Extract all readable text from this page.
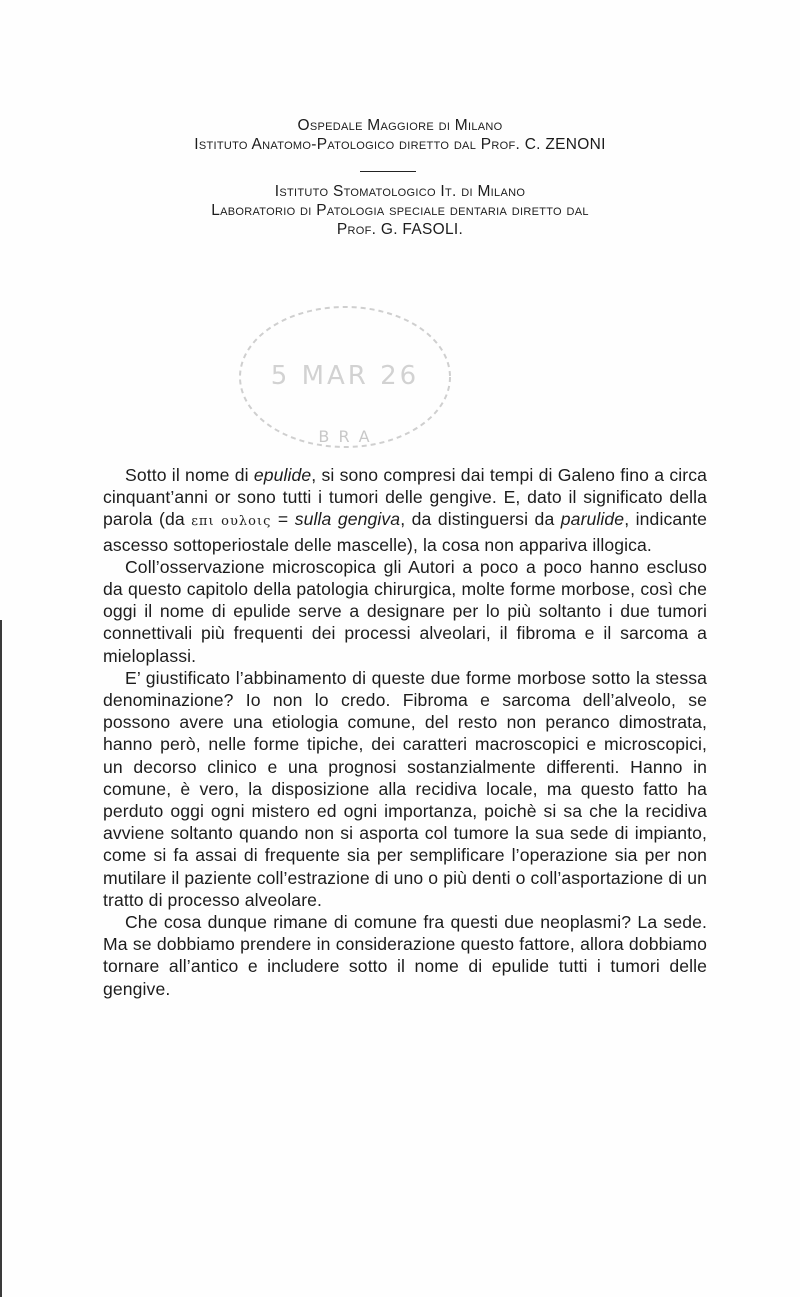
Ospedale Maggiore di Milano
Istituto Anatomo-Patologico diretto dal Prof. C. ZENONI
Istituto Stomatologico It. di Milano
Laboratorio di Patologia speciale dentaria diretto dal
Prof. G. FASOLI.
5 MAR 26
B R A

Sotto il nome di epulide, si sono compresi dai tempi di Galeno fino a circa cinquant’anni or sono tutti i tumori delle gengive. E, dato il significato della parola (da επι ουλοις = sulla gengiva, da distinguersi da parulide, indicante ascesso sottoperiostale delle mascelle), la cosa non appariva illogica.

Coll’osservazione microscopica gli Autori a poco a poco hanno escluso da questo capitolo della patologia chirurgica, molte forme morbose, così che oggi il nome di epulide serve a designare per lo più soltanto i due tumori connettivali più frequenti dei processi alveolari, il fibroma e il sarcoma a mieloplassi.

E’ giustificato l’abbinamento di queste due forme morbose sotto la stessa denominazione? Io non lo credo. Fibroma e sarcoma dell’alveolo, se possono avere una etiologia comune, del resto non peranco dimostrata, hanno però, nelle forme tipiche, dei caratteri macroscopici e microscopici, un decorso clinico e una prognosi sostanzialmente differenti. Hanno in comune, è vero, la disposizione alla recidiva locale, ma questo fatto ha perduto oggi ogni mistero ed ogni importanza, poichè si sa che la recidiva avviene soltanto quando non si asporta col tumore la sua sede di impianto, come si fa assai di frequente sia per semplificare l’operazione sia per non mutilare il paziente coll’estrazione di uno o più denti o coll’asportazione di un tratto di processo alveolare.

Che cosa dunque rimane di comune fra questi due neoplasmi? La sede. Ma se dobbiamo prendere in considerazione questo fattore, allora dobbiamo tornare all’antico e includere sotto il nome di epulide tutti i tumori delle gengive.
